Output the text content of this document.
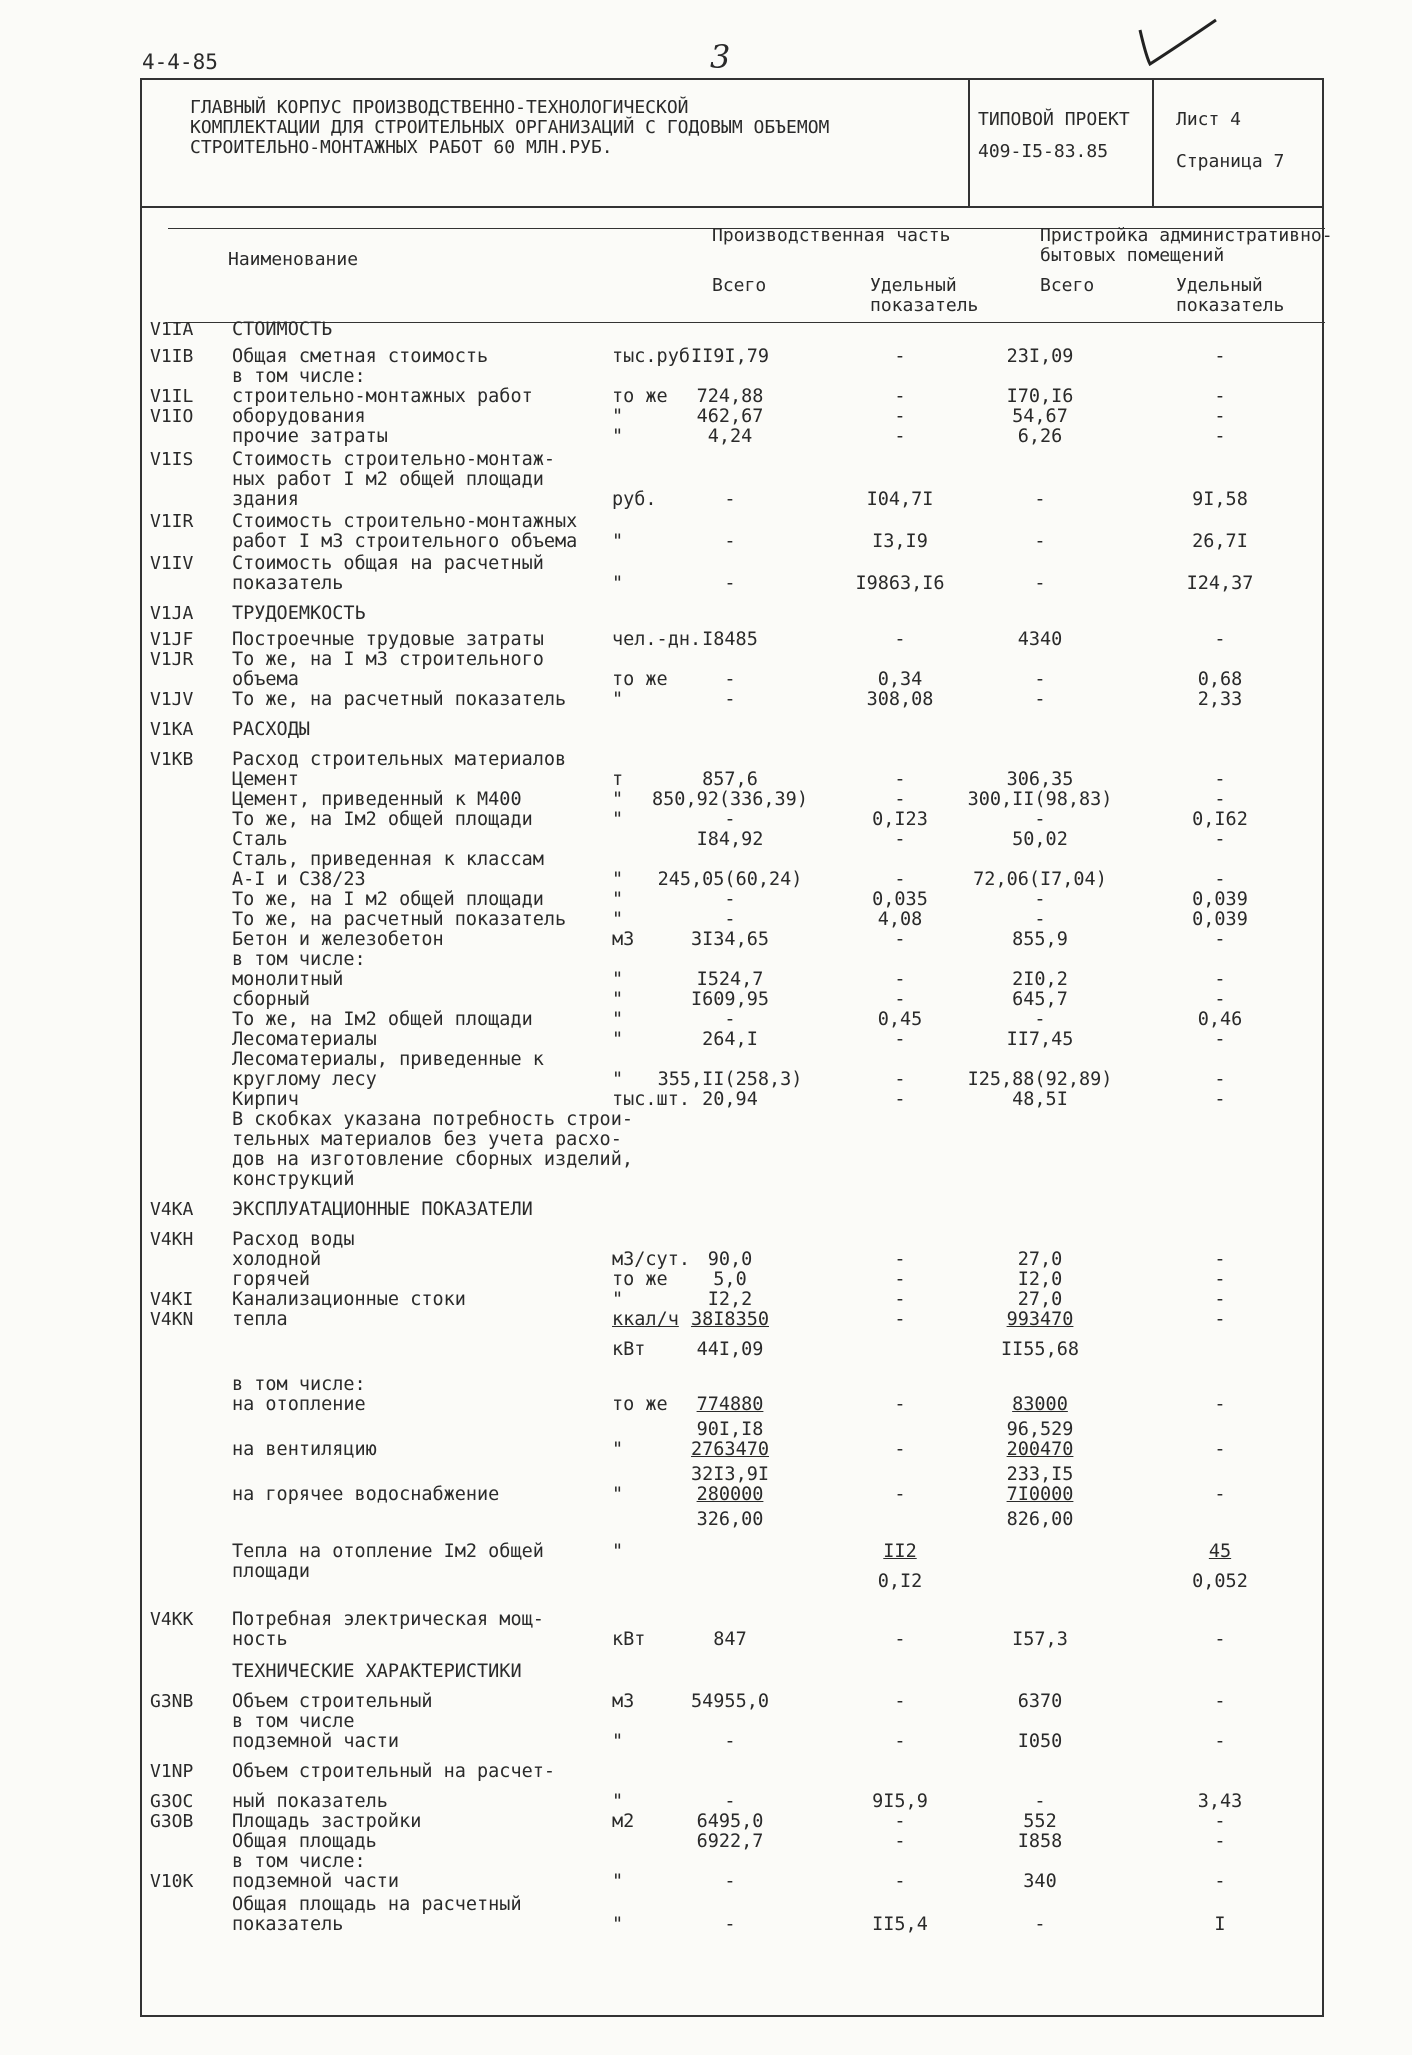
4-4-85	3
ГЛАВНЫЙ КОРПУС ПРОИЗВОДСТВЕННО-ТЕХНОЛОГИЧЕСКОЙ
КОМПЛЕКТАЦИИ ДЛЯ СТРОИТЕЛЬНЫХ ОРГАНИЗАЦИЙ С ГОДОВЫМ ОБЪЕМОМ
СТРОИТЕЛЬНО-МОНТАЖНЫХ РАБОТ 60 МЛН.РУБ.
ТИПОВОЙ ПРОЕКТ
409-I5-83.85
Лист 4
Страница 7
Наименование
Производственная часть	Пристройка административно-
бытовых помещений
Всего	Удельный
показатель
Всего	Удельный
показатель
V1IA СТОИМОСТЬ
V1IB Общая сметная стоимость	тыс.руб.
II9I,79	-	23I,09	-
в том числе:
V1IL строительно-монтажных работ	то же 724,88	-	I70,I6	-
V1IO оборудования	"	462,67	-	54,67	-
прочие затраты	"	4,24	-	6,26	-
V1IS Стоимость строительно-монтаж-
ных работ I м2 общей площади
здания	руб.	-	I04,7I	-	9I,58
V1IR Стоимость строительно-монтажных
работ I м3 строительного объема "	-	I3,I9	-	26,7I
V1IV Стоимость общая на расчетный
показатель	"	-	I9863,I6	-	I24,37
V1JA ТРУДОЕМКОСТЬ
V1JF Построечные трудовые затраты	чел.-дн. I8485	-	4340	-
V1JR То же, на I м3 строительного
объема	то же	-	0,34	-	0,68
V1JV То же, на расчетный показатель "	-	308,08	-	2,33
V1KA РАСХОДЫ
V1KB Расход строительных материалов
Цемент	т	857,6	-	306,35	-
Цемент, приведенный к М400	" 850,92(336,39)	-	300,II(98,83)	-
То же, на Iм2 общей площади	"	-	0,I23	-	0,I62
Сталь	I84,92	-	50,02	-
Сталь, приведенная к классам
А-I и С38/23	" 245,05(60,24)	-	72,06(I7,04)	-
То же, на I м2 общей площади	"	-	0,035	-	0,039
То же, на расчетный показатель "	-	4,08	-	0,039
Бетон и железобетон	м3	3I34,65	-	855,9	-
в том числе:
монолитный	"	I524,7	-	2I0,2	-
сборный	"	I609,95	-	645,7	-
То же, на Iм2 общей площади	"	-	0,45	-	0,46
Лесоматериалы	"	264,I	-	II7,45	-
Лесоматериалы, приведенные к
круглому лесу	" 355,II(258,3)	-	I25,88(92,89)	-
Кирпич	тыс.шт. 20,94	-	48,5I	-
В скобках указана потребность строи-
тельных материалов без учета расхо-
дов на изготовление сборных изделий,
конструкций
V4KA ЭКСПЛУАТАЦИОННЫЕ ПОКАЗАТЕЛИ
V4KH Расход воды
холодной	м3/сут. 90,0	-	27,0	-
горячей	то же 5,0	-	I2,0	-
V4KI Канализационные стоки	"	I2,2	-	27,0	-
V4KN тепла	ккал/ч 38I8350	-	993470	-
кВт	44I,09	II55,68
в том числе:
на отопление	то же 774880	-	83000	-
90I,I8	96,529
на вентиляцию	"	2763470	-	200470	-
32I3,9I	233,I5
на горячее водоснабжение	"	280000	-	7I0000	-
326,00	826,00
Тепла на отопление Iм2 общей	"	II2	45
площади	0,I2	0,052
V4KK Потребная электрическая мощ-
ность	кВт	847	-	I57,3	-
ТЕХНИЧЕСКИЕ ХАРАКТЕРИСТИКИ
G3NB Объем строительный	м3	54955,0	-	6370	-
в том числе
подземной части	"	-	-	I050	-
V1NP Объем строительный на расчет-
G3OC ный показатель	"	-	9I5,9	-	3,43
G3OB Площадь застройки	м2	6495,0	-	552	-
Общая площадь	6922,7	-	I858	-
в том числе:
V10K подземной части	"	-	-	340	-
Общая площадь на расчетный
показатель	"	-	II5,4	-	I
